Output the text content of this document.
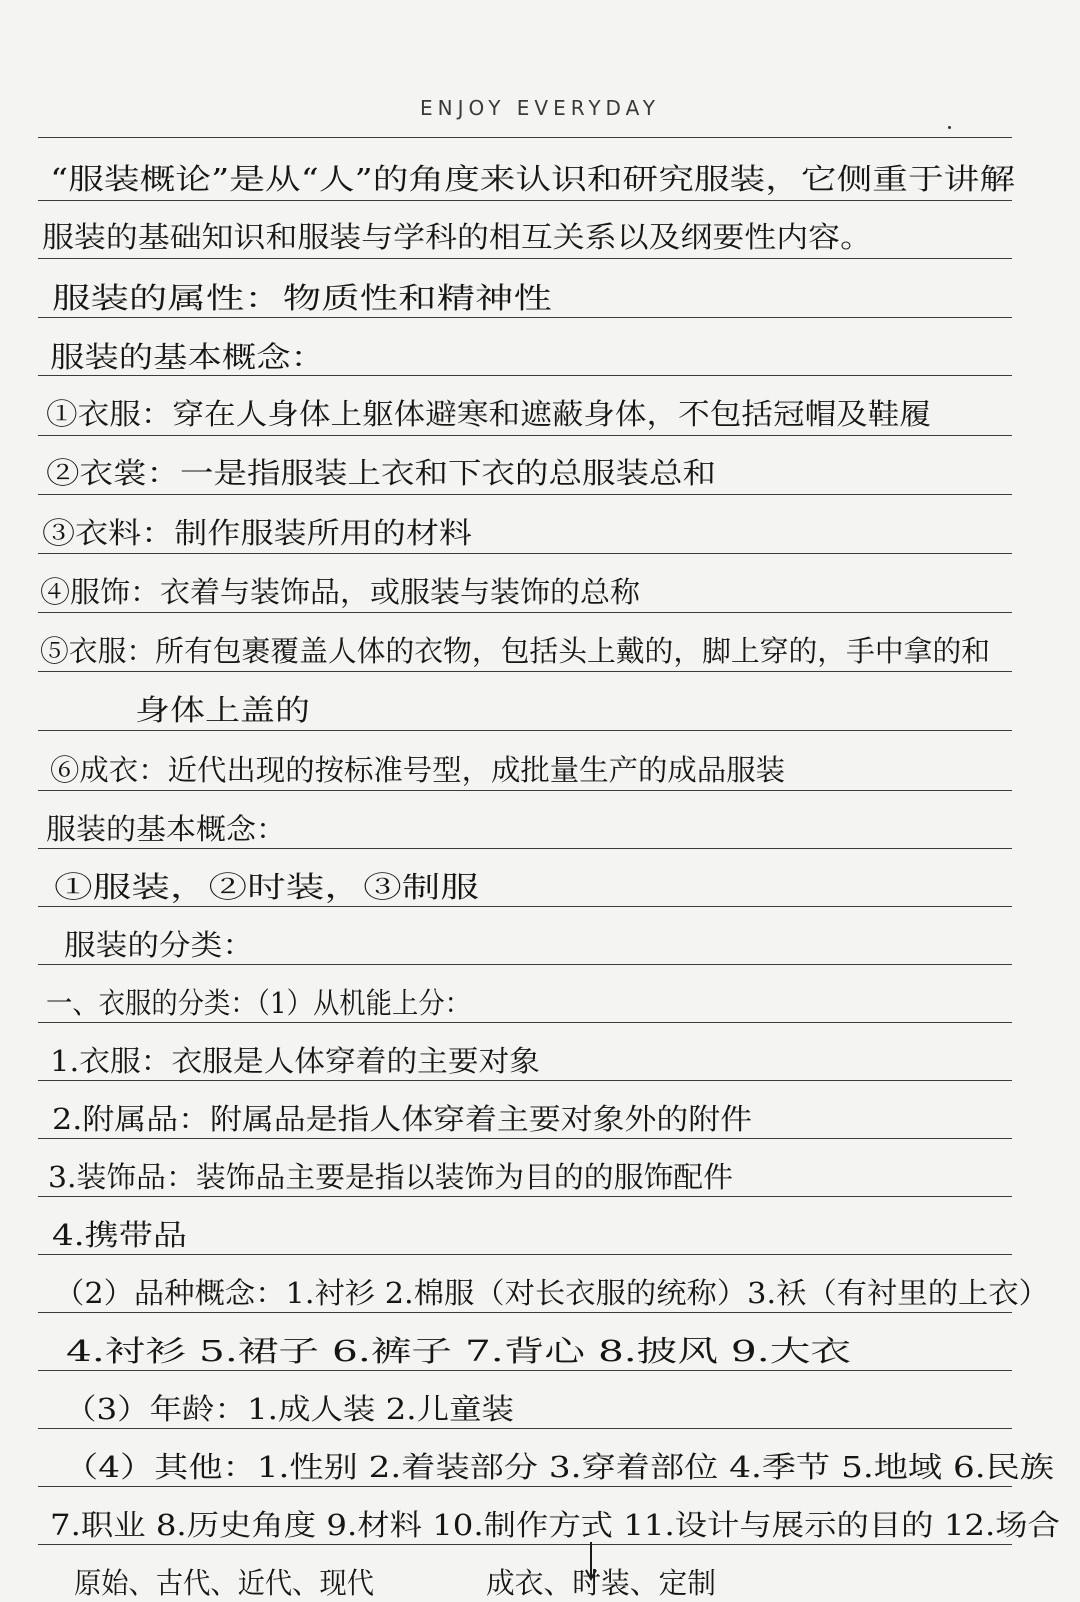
ENJOY EVERYDAY
“服装概论”是从“人”的角度来认识和研究服装，它侧重于讲解
服装的基础知识和服装与学科的相互关系以及纲要性内容。
服装的属性：物质性和精神性
服装的基本概念：
①衣服：穿在人身体上躯体避寒和遮蔽身体，不包括冠帽及鞋履
②衣裳：一是指服装上衣和下衣的总服装总和
③衣料：制作服装所用的材料
④服饰：衣着与装饰品，或服装与装饰的总称
⑤衣服：所有包裹覆盖人体的衣物，包括头上戴的，脚上穿的，手中拿的和
身体上盖的
⑥成衣：近代出现的按标准号型，成批量生产的成品服装
服装的基本概念：
①服装，②时装，③制服
服装的分类：
一、衣服的分类：（1）从机能上分：
1.衣服：衣服是人体穿着的主要对象
2.附属品：附属品是指人体穿着主要对象外的附件
3.装饰品：装饰品主要是指以装饰为目的的服饰配件
4.携带品
（2）品种概念：1.衬衫 2.棉服（对长衣服的统称）3.袄（有衬里的上衣）
4.衬衫 5.裙子 6.裤子 7.背心 8.披风 9.大衣
（3）年龄：1.成人装 2.儿童装
（4）其他：1.性别 2.着装部分 3.穿着部位 4.季节 5.地域 6.民族
7.职业 8.历史角度 9.材料 10.制作方式 11.设计与展示的目的 12.场合
原始、古代、近代、现代	成衣、时装、定制
